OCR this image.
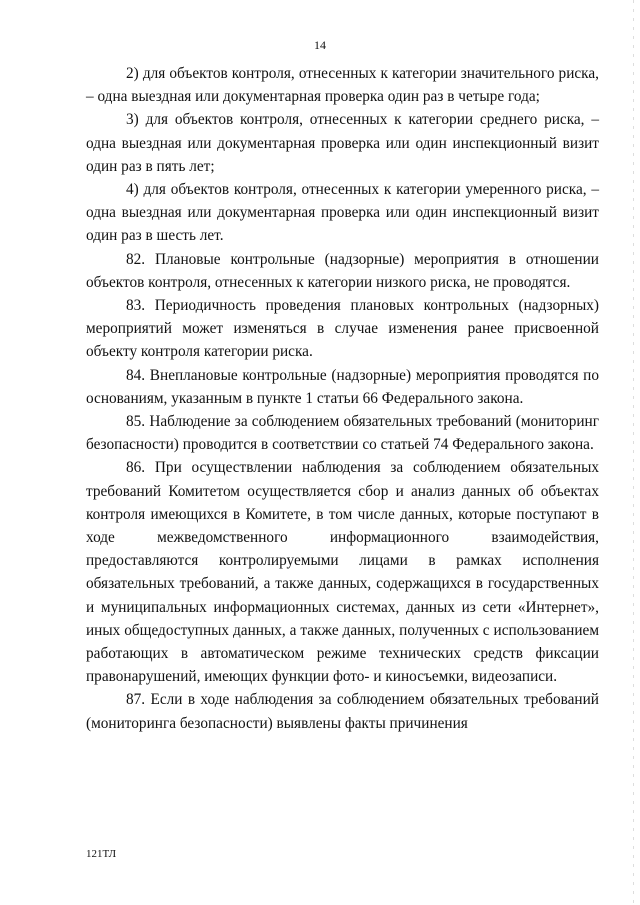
14

2) для объектов контроля, отнесенных к категории значительного риска, – одна выездная или документарная проверка один раз в четыре года;

3) для объектов контроля, отнесенных к категории среднего риска, – одна выездная или документарная проверка или один инспекционный визит один раз в пять лет;

4) для объектов контроля, отнесенных к категории умеренного риска, – одна выездная или документарная проверка или один инспекционный визит один раз в шесть лет.

82. Плановые контрольные (надзорные) мероприятия в отношении объектов контроля, отнесенных к категории низкого риска, не проводятся.

83. Периодичность проведения плановых контрольных (надзорных) мероприятий может изменяться в случае изменения ранее присвоенной объекту контроля категории риска.

84. Внеплановые контрольные (надзорные) мероприятия проводятся по основаниям, указанным в пункте 1 статьи 66 Федерального закона.

85. Наблюдение за соблюдением обязательных требований (мониторинг безопасности) проводится в соответствии со статьей 74 Федерального закона.

86. При осуществлении наблюдения за соблюдением обязательных требований Комитетом осуществляется сбор и анализ данных об объектах контроля имеющихся в Комитете, в том числе данных, которые поступают в ходе межведомственного информационного взаимодействия, предоставляются контролируемыми лицами в рамках исполнения обязательных требований, а также данных, содержащихся в государственных и муниципальных информационных системах, данных из сети «Интернет», иных общедоступных данных, а также данных, полученных с использованием работающих в автоматическом режиме технических средств фиксации правонарушений, имеющих функции фото- и киносъемки, видеозаписи.

87. Если в ходе наблюдения за соблюдением обязательных требований (мониторинга безопасности) выявлены факты причинения

121ТЛ
